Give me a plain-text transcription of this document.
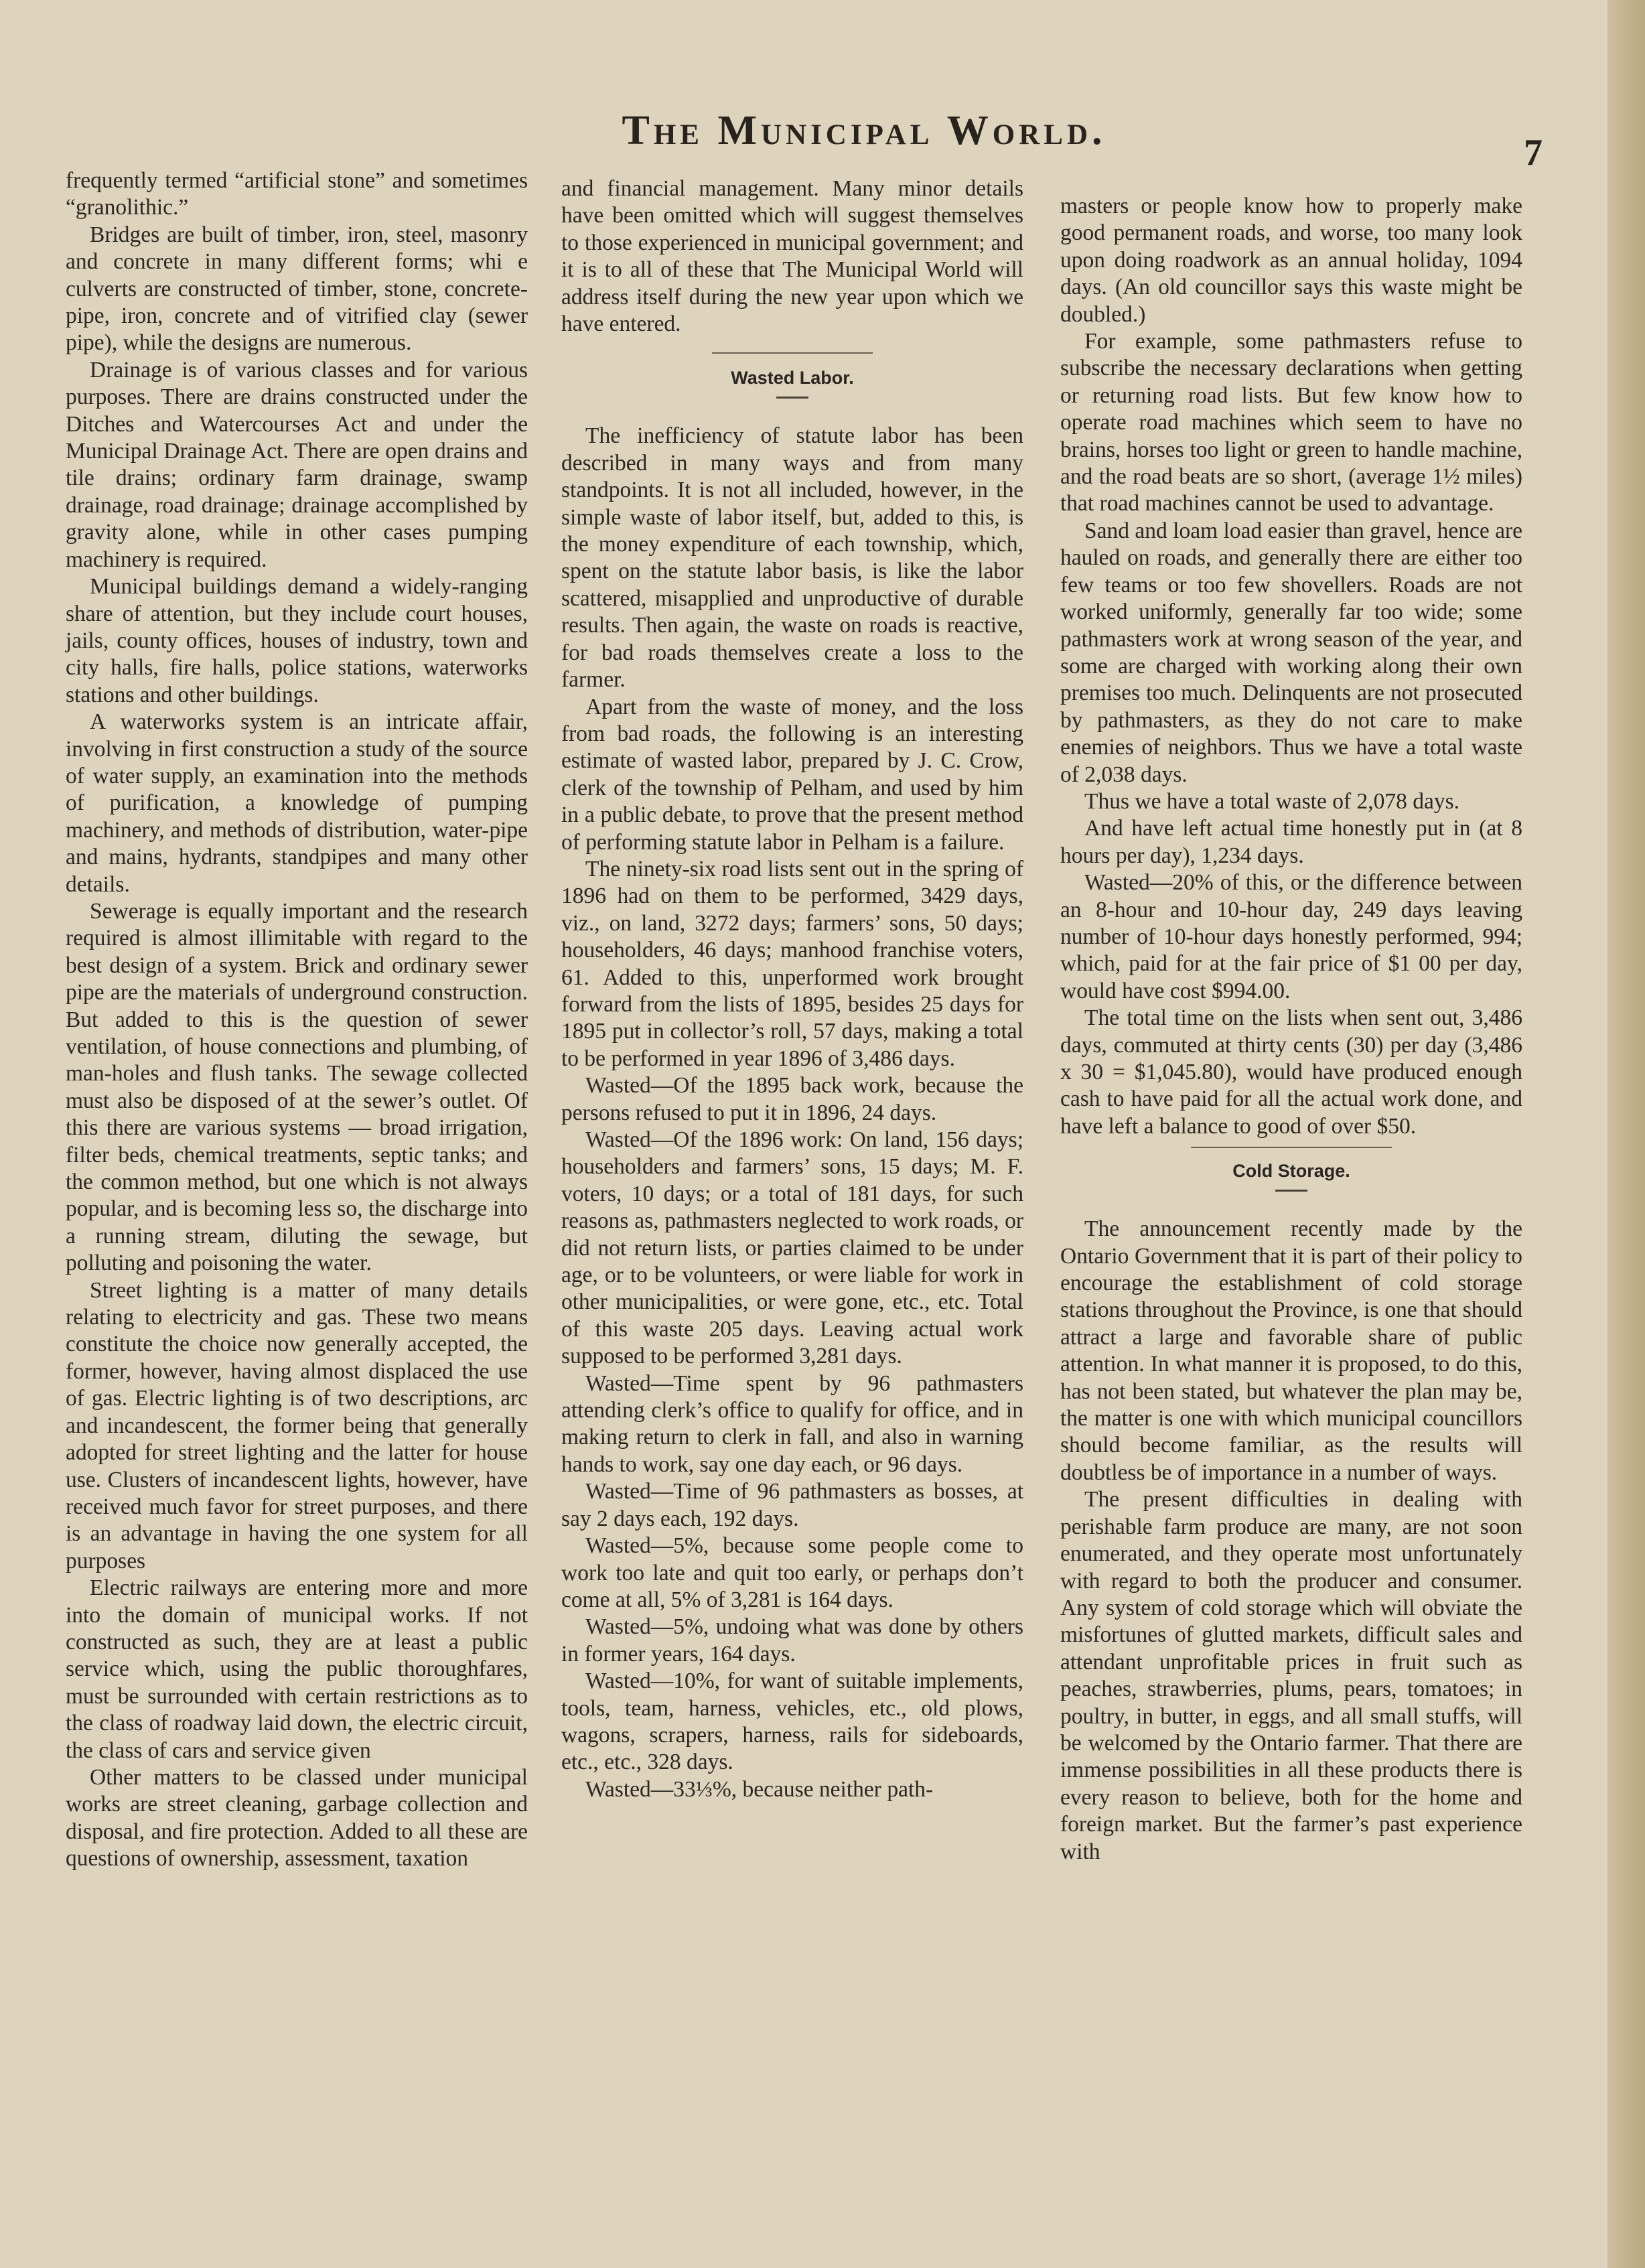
The Municipal World.	7

frequently termed “artificial stone” and sometimes “granolithic.”

Bridges are built of timber, iron, steel, masonry and concrete in many different forms; whi e culverts are constructed of timber, stone, concrete-pipe, iron, concrete and of vitrified clay (sewer pipe), while the designs are numerous.

Drainage is of various classes and for various purposes. There are drains constructed under the Ditches and Watercourses Act and under the Municipal Drainage Act. There are open drains and tile drains; ordinary farm drainage, swamp drainage, road drainage; drainage accomplished by gravity alone, while in other cases pumping machinery is required.

Municipal buildings demand a widely-ranging share of attention, but they include court houses, jails, county offices, houses of industry, town and city halls, fire halls, police stations, waterworks stations and other buildings.

A waterworks system is an intricate affair, involving in first construction a study of the source of water supply, an examination into the methods of purification, a knowledge of pumping machinery, and methods of distribution, water-pipe and mains, hydrants, standpipes and many other details.

Sewerage is equally important and the research required is almost illimitable with regard to the best design of a system. Brick and ordinary sewer pipe are the materials of underground construction. But added to this is the question of sewer ventilation, of house connections and plumbing, of man-holes and flush tanks. The sewage collected must also be disposed of at the sewer’s outlet. Of this there are various systems — broad irrigation, filter beds, chemical treatments, septic tanks; and the common method, but one which is not always popular, and is becoming less so, the discharge into a running stream, diluting the sewage, but polluting and poisoning the water.

Street lighting is a matter of many details relating to electricity and gas. These two means constitute the choice now generally accepted, the former, however, having almost displaced the use of gas. Electric lighting is of two descriptions, arc and incandescent, the former being that generally adopted for street lighting and the latter for house use. Clusters of incandescent lights, however, have received much favor for street purposes, and there is an advantage in having the one system for all purposes

Electric railways are entering more and more into the domain of municipal works. If not constructed as such, they are at least a public service which, using the public thoroughfares, must be surrounded with certain restrictions as to the class of roadway laid down, the electric circuit, the class of cars and service given

Other matters to be classed under municipal works are street cleaning, garbage collection and disposal, and fire protection. Added to all these are questions of ownership, assessment, taxation

and financial management. Many minor details have been omitted which will suggest themselves to those experienced in municipal government; and it is to all of these that The Municipal World will address itself during the new year upon which we have entered.

Wasted Labor.

The inefficiency of statute labor has been described in many ways and from many standpoints. It is not all included, however, in the simple waste of labor itself, but, added to this, is the money expenditure of each township, which, spent on the statute labor basis, is like the labor scattered, misapplied and unproductive of durable results. Then again, the waste on roads is reactive, for bad roads themselves create a loss to the farmer.

Apart from the waste of money, and the loss from bad roads, the following is an interesting estimate of wasted labor, prepared by J. C. Crow, clerk of the township of Pelham, and used by him in a public debate, to prove that the present method of performing statute labor in Pelham is a failure.

The ninety-six road lists sent out in the spring of 1896 had on them to be performed, 3429 days, viz., on land, 3272 days; farmers’ sons, 50 days; householders, 46 days; manhood franchise voters, 61. Added to this, unperformed work brought forward from the lists of 1895, besides 25 days for 1895 put in collector’s roll, 57 days, making a total to be performed in year 1896 of 3,486 days.

Wasted—Of the 1895 back work, because the persons refused to put it in 1896, 24 days.

Wasted—Of the 1896 work: On land, 156 days; householders and farmers’ sons, 15 days; M. F. voters, 10 days; or a total of 181 days, for such reasons as, pathmasters neglected to work roads, or did not return lists, or parties claimed to be under age, or to be volunteers, or were liable for work in other municipalities, or were gone, etc., etc. Total of this waste 205 days. Leaving actual work supposed to be performed 3,281 days.

Wasted—Time spent by 96 pathmasters attending clerk’s office to qualify for office, and in making return to clerk in fall, and also in warning hands to work, say one day each, or 96 days.

Wasted—Time of 96 pathmasters as bosses, at say 2 days each, 192 days.

Wasted—5%, because some people come to work too late and quit too early, or perhaps don’t come at all, 5% of 3,281 is 164 days.

Wasted—5%, undoing what was done by others in former years, 164 days.

Wasted—10%, for want of suitable implements, tools, team, harness, vehicles, etc., old plows, wagons, scrapers, harness, rails for sideboards, etc., etc., 328 days.

Wasted—33⅓%, because neither path-

masters or people know how to properly make good permanent roads, and worse, too many look upon doing roadwork as an annual holiday, 1094 days. (An old councillor says this waste might be doubled.)

For example, some pathmasters refuse to subscribe the necessary declarations when getting or returning road lists. But few know how to operate road machines which seem to have no brains, horses too light or green to handle machine, and the road beats are so short, (average 1½ miles) that road machines cannot be used to advantage.

Sand and loam load easier than gravel, hence are hauled on roads, and generally there are either too few teams or too few shovellers. Roads are not worked uniformly, generally far too wide; some pathmasters work at wrong season of the year, and some are charged with working along their own premises too much. Delinquents are not prosecuted by pathmasters, as they do not care to make enemies of neighbors. Thus we have a total waste of 2,038 days.

Thus we have a total waste of 2,078 days.

And have left actual time honestly put in (at 8 hours per day), 1,234 days.

Wasted—20% of this, or the difference between an 8-hour and 10-hour day, 249 days leaving number of 10-hour days honestly performed, 994; which, paid for at the fair price of $1 00 per day, would have cost $994.00.

The total time on the lists when sent out, 3,486 days, commuted at thirty cents (30) per day (3,486 x 30 = $1,045.80), would have produced enough cash to have paid for all the actual work done, and have left a balance to good of over $50.

Cold Storage.

The announcement recently made by the Ontario Government that it is part of their policy to encourage the establishment of cold storage stations throughout the Province, is one that should attract a large and favorable share of public attention. In what manner it is proposed, to do this, has not been stated, but whatever the plan may be, the matter is one with which municipal councillors should become familiar, as the results will doubtless be of importance in a number of ways.

The present difficulties in dealing with perishable farm produce are many, are not soon enumerated, and they operate most unfortunately with regard to both the producer and consumer. Any system of cold storage which will obviate the misfortunes of glutted markets, difficult sales and attendant unprofitable prices in fruit such as peaches, strawberries, plums, pears, tomatoes; in poultry, in butter, in eggs, and all small stuffs, will be welcomed by the Ontario farmer. That there are immense possibilities in all these products there is every reason to believe, both for the home and foreign market. But the farmer’s past experience with
